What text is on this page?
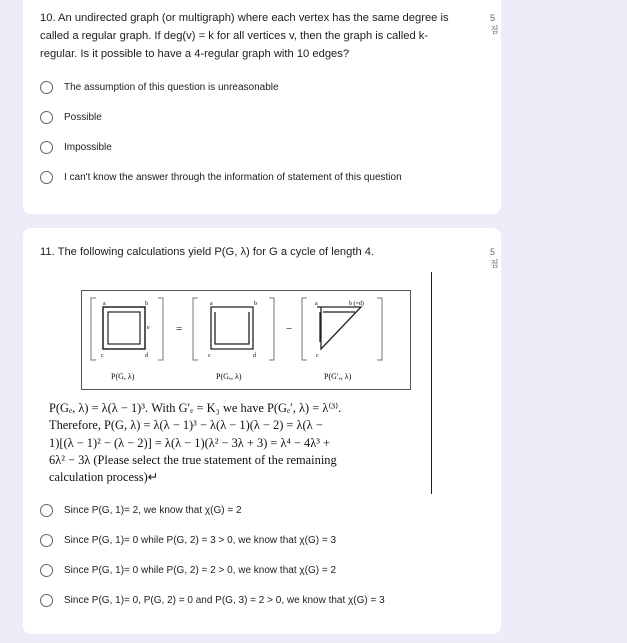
10. An undirected graph (or multigraph) where each vertex has the same degree is called a regular graph. If deg(v) = k for all vertices v, then the graph is called k-regular. Is it possible to have a 4-regular graph with 10 edges?
5점
The assumption of this question is unreasonable
Possible
Impossible
I can't know the answer through the information of statement of this question
11. The following calculations yield P(G, λ) for G a cycle of length 4.	5점
a	b
e
c	d
P(G, λ)
=
a	b
c	d
P(Gₑ, λ)
−
a	b (=d)
c
P(G′ₑ, λ)
P(Gₑ, λ) = λ(λ − 1)³. With G′ₑ = K₃ we have P(Gₑ′, λ) = λ⁽³⁾.
Therefore, P(G, λ) = λ(λ − 1)³ − λ(λ − 1)(λ − 2) = λ(λ −
1)[(λ − 1)² − (λ − 2)] = λ(λ − 1)(λ² − 3λ + 3) = λ⁴ − 4λ³ +
6λ² − 3λ (Please select the true statement of the remaining
calculation process)↵
Since P(G, 1)= 2, we know that χ(G) = 2
Since P(G, 1)= 0 while P(G, 2) = 3 > 0, we know that χ(G) = 3
Since P(G, 1)= 0 while P(G, 2) = 2 > 0, we know that χ(G) = 2
Since P(G, 1)= 0, P(G, 2) = 0 and P(G, 3) = 2 > 0, we know that χ(G) = 3
